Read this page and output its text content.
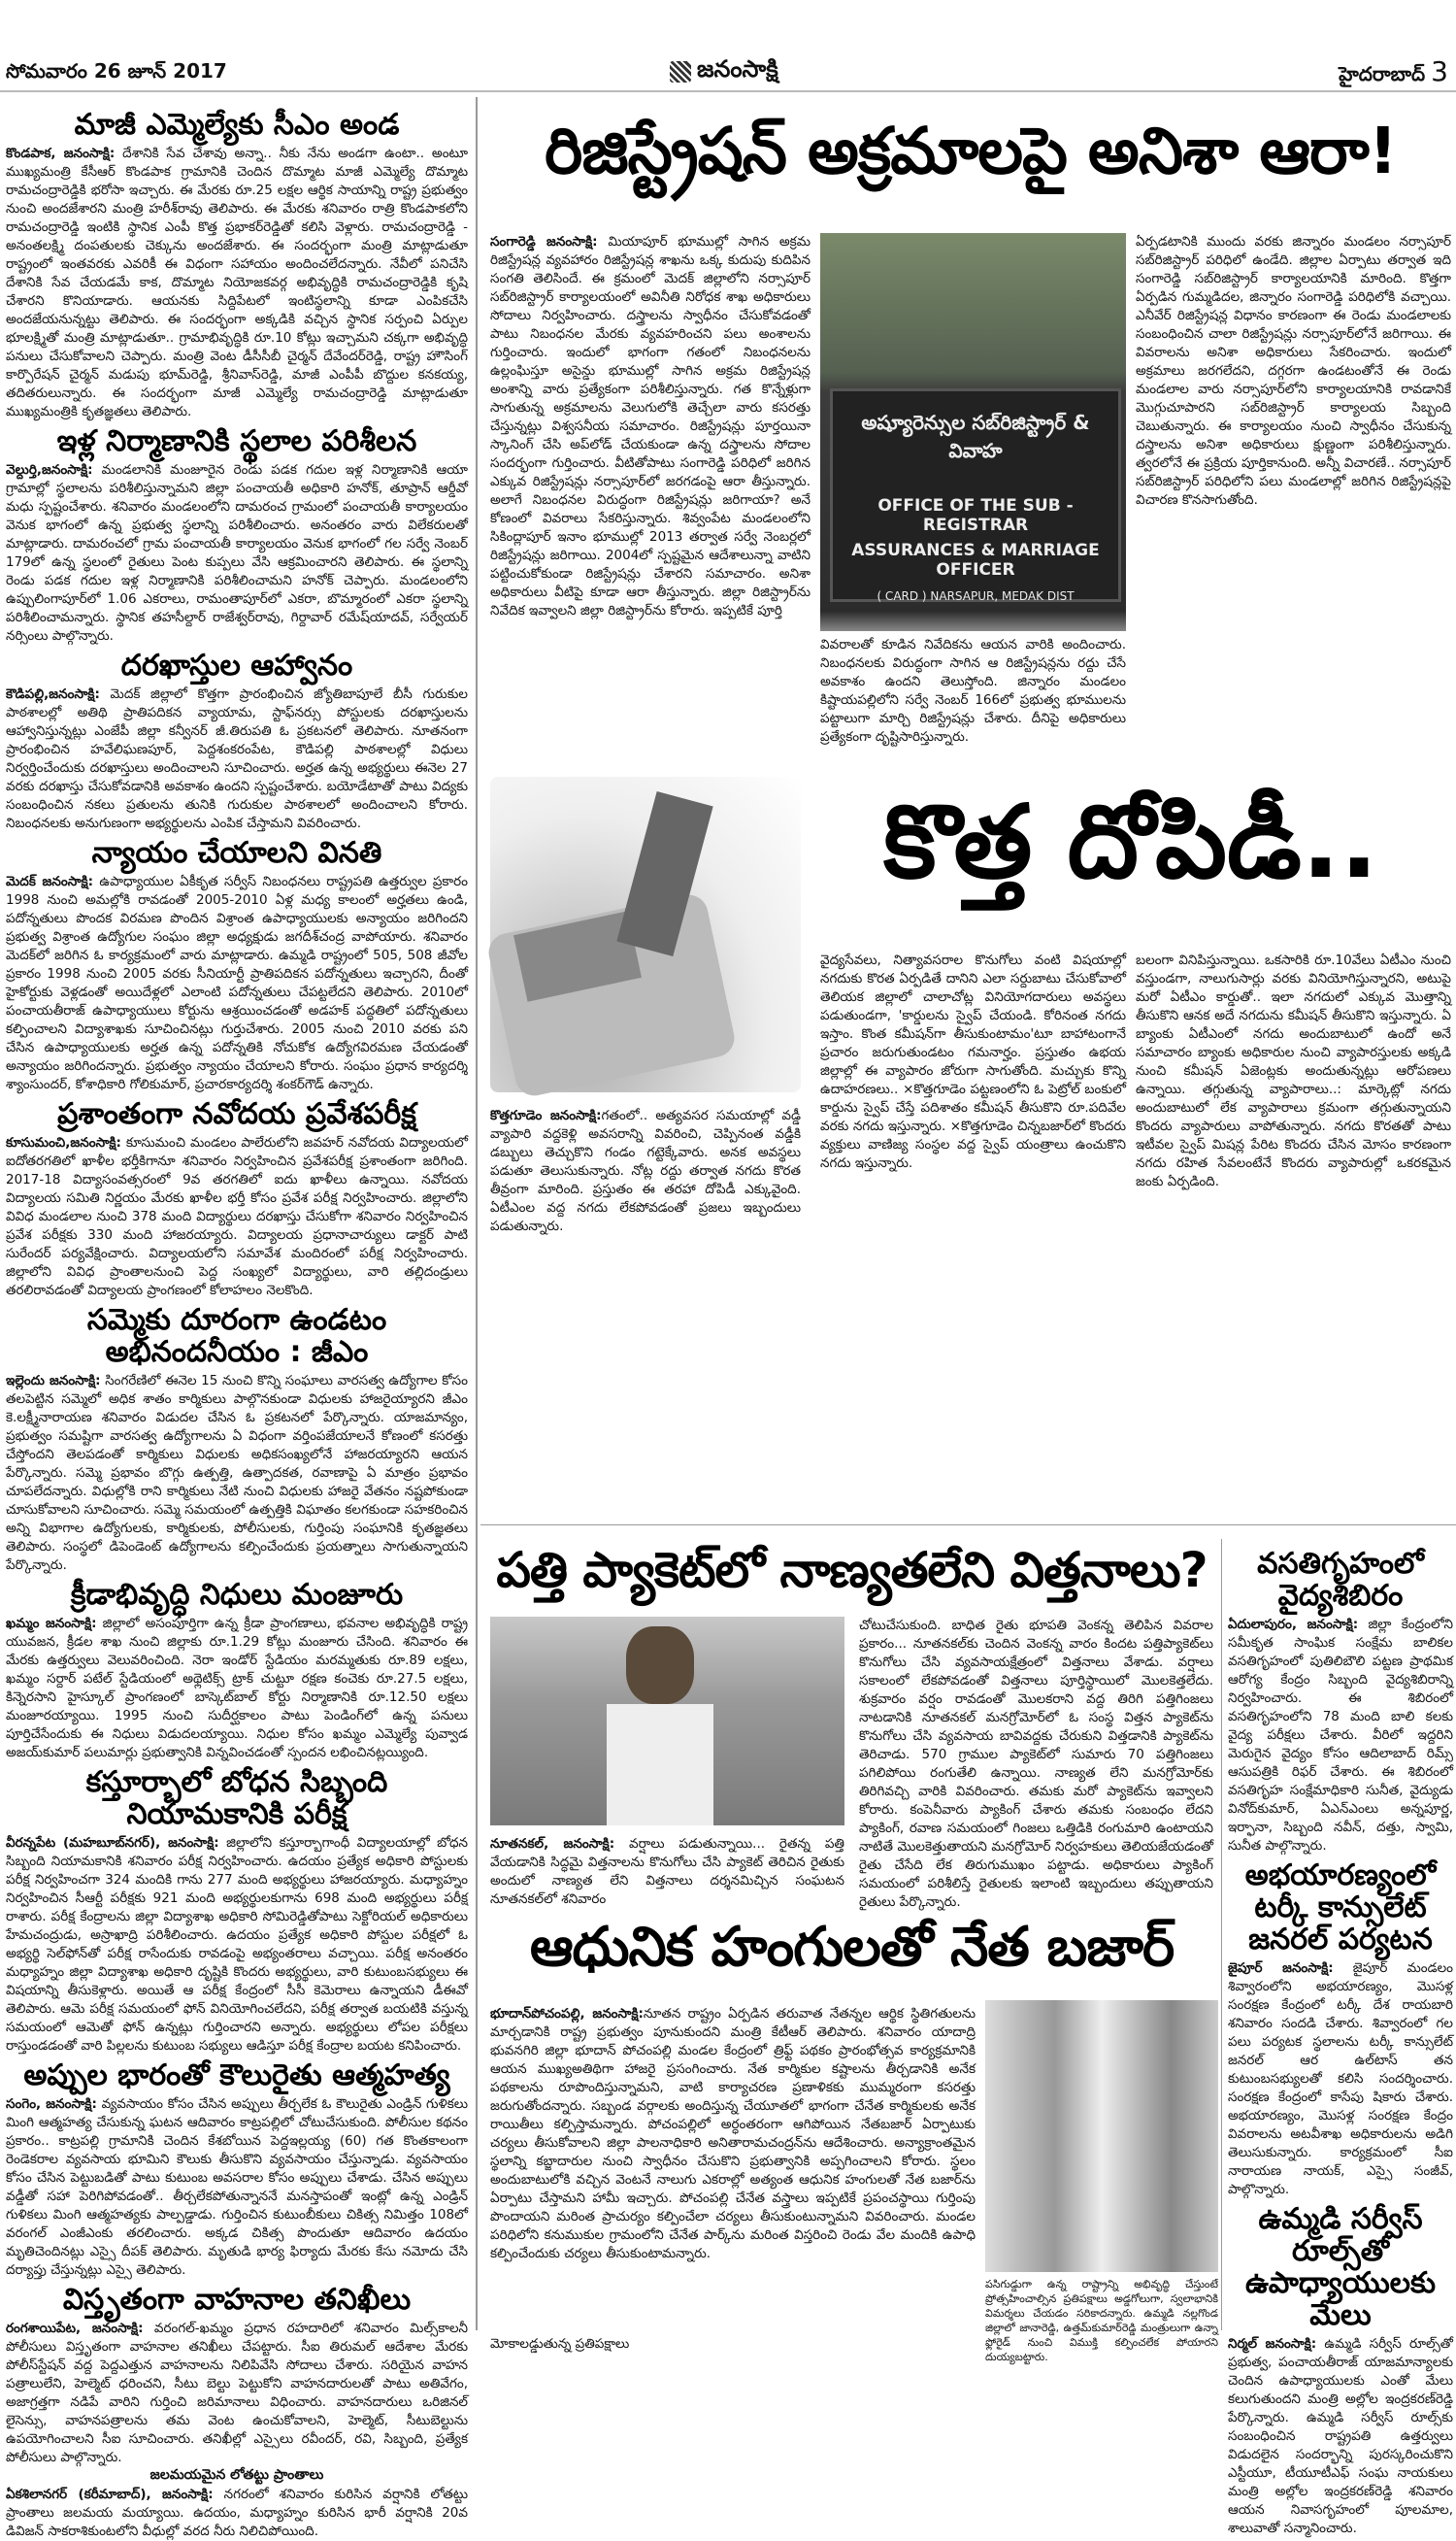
సోమవారం 26 జూన్ 2017	జనంసాక్షి	హైదరాబాద్ 3
మాజీ ఎమ్మెల్యేకు సీఎం అండ
కొండపాక, జనంసాక్షి: దేశానికి సేవ చేశావు అన్నా.. నీకు నేను అండగా ఉంటా.. అంటూ ముఖ్యమంత్రి కేసీఆర్ కొండపాక గ్రామానికి చెందిన దొమ్మాట మాజీ ఎమ్మెల్యే దొమ్మాట రామచంద్రారెడ్డికి భరోసా ఇచ్చారు. ఈ మేరకు రూ.25 లక్షల ఆర్థిక సాయాన్ని రాష్ట్ర ప్రభుత్వం నుంచి అందజేశారని మంత్రి హరీశ్‌రావు తెలిపారు. ఈ మేరకు శనివారం రాత్రి కొండపాకలోని రామచంద్రారెడ్డి ఇంటికి స్థానిక ఎంపీ కొత్త ప్రభాకర్‌రెడ్డితో కలిసి వెళ్లారు. రామచంద్రారెడ్డి - అనంతలక్ష్మి దంపతులకు చెక్కును అందజేశారు. ఈ సందర్భంగా మంత్రి మాట్లాడుతూ రాష్ట్రంలో ఇంతవరకు ఎవరికీ ఈ విధంగా సహాయం అందించలేదన్నారు. నేవీలో పనిచేసి దేశానికి సేవ చేయడమే కాక, దొమ్మాట నియోజకవర్గ అభివృద్ధికి రామచంద్రారెడ్డికి కృషి చేశారని కొనియాడారు. ఆయనకు సిద్దిపేటలో ఇంటిస్థలాన్ని కూడా ఎంపికచేసి అందజేయనున్నట్టు తెలిపారు. ఈ సందర్భంగా అక్కడికి వచ్చిన స్థానిక సర్పంచి ఏర్పుల భూలక్ష్మితో మంత్రి మాట్లాడుతూ.. గ్రామాభివృద్ధికి రూ.10 కోట్లు ఇచ్చామని చక్కగా అభివృద్ధి పనులు చేసుకోవాలని చెప్పారు. మంత్రి వెంట డీసీసీబీ చైర్మన్ దేవేందర్‌రెడ్డి, రాష్ట్ర హౌసింగ్ కార్పొరేషన్ చైర్మన్ మడుపు భూమ్‌రెడ్డి, శ్రీనివాస్‌రెడ్డి, మాజీ ఎంపీపీ బొద్దుల కనకయ్య, తదితరులున్నారు. ఈ సందర్భంగా మాజీ ఎమ్మెల్యే రామచంద్రారెడ్డి మాట్లాడుతూ ముఖ్యమంత్రికి కృతజ్ఞతలు తెలిపారు.
ఇళ్ల నిర్మాణానికి స్థలాల పరిశీలన
వెల్దుర్తి,జనంసాక్షి: మండలానికి మంజూరైన రెండు పడక గదుల ఇళ్ల నిర్మాణానికి ఆయా గ్రామాల్లో స్థలాలను పరిశీలిస్తున్నామని జిల్లా పంచాయతీ అధికారి హనోక్, తూప్రాన్ ఆర్డీవో మధు స్పష్టంచేశారు. శనివారం మండలంలోని దామరంచ గ్రామంలో పంచాయతీ కార్యాలయం వెనుక భాగంలో ఉన్న ప్రభుత్వ స్థలాన్ని పరిశీలించారు. అనంతరం వారు విలేకరులతో మాట్లాడారు. దామరంచలో గ్రామ పంచాయతీ కార్యాలయం వెనుక భాగంలో గల సర్వే నెంబర్ 179లో ఉన్న స్థలంలో రైతులు పెంట కుప్పలు వేసి ఆక్రమించారని తెలిపారు. ఈ స్థలాన్ని రెండు పడక గదుల ఇళ్ల నిర్మాణానికి పరిశీలించామని హనోక్ చెప్పారు. మండలంలోని ఉప్పులింగాపూర్‌లో 1.06 ఎకరాలు, రామంతాపూర్‌లో ఎకరా, బొమ్మారంలో ఎకరా స్థలాన్ని పరిశీలించామన్నారు. స్థానిక తహసీల్దార్ రాజేశ్వర్‌రావు, గిర్దావార్ రమేష్‌యాదవ్, సర్వేయర్ నర్సింలు పాల్గొన్నారు.
దరఖాస్తుల ఆహ్వానం
కౌడిపల్లి,జనంసాక్షి: మెదక్ జిల్లాలో కొత్తగా ప్రారంభించిన జ్యోతిబాపూలే బీసీ గురుకుల పాఠశాలల్లో అతిథి ప్రాతిపదికన వ్యాయామ, స్టాఫ్‌నర్సు పోస్టులకు దరఖాస్తులను ఆహ్వానిస్తున్నట్లు ఎంజేపీ జిల్లా కన్వీనర్ జీ.తిరుపతి ఓ ప్రకటనలో తెలిపారు. నూతనంగా ప్రారంభించిన హవేలిఘణపూర్, పెద్దశంకరంపేట, కౌడిపల్లి పాఠశాలల్లో విధులు నిర్వర్తించేందుకు దరఖాస్తులు అందించాలని సూచించారు. అర్హత ఉన్న అభ్యర్థులు ఈనెల 27 వరకు దరఖాస్తు చేసుకోవడానికి అవకాశం ఉందని స్పష్టంచేశారు. బయోడేటాతో పాటు విద్యకు సంబంధించిన నకలు ప్రతులను తునికి గురుకుల పాఠశాలలో అందించాలని కోరారు. నిబంధనలకు అనుగుణంగా అభ్యర్థులను ఎంపిక చేస్తామని వివరించారు.
న్యాయం చేయాలని వినతి
మెదక్ జనంసాక్షి: ఉపాధ్యాయుల ఏకీకృత సర్వీస్ నిబంధనలు రాష్ట్రపతి ఉత్తర్వుల ప్రకారం 1998 నుంచి అమల్లోకి రావడంతో 2005-2010 ఏళ్ల మధ్య కాలంలో అర్హతలు ఉండి, పదోన్నతులు పొందక విరమణ పొందిన విశ్రాంత ఉపాధ్యాయులకు అన్యాయం జరిగిందని ప్రభుత్వ విశ్రాంత ఉద్యోగుల సంఘం జిల్లా అధ్యక్షుడు జగదీశ్‌చంద్ర వాపోయారు. శనివారం మెదక్‌లో జరిగిన ఓ కార్యక్రమంలో వారు మాట్లాడారు. ఉమ్మడి రాష్ట్రంలో 505, 508 జీవోల ప్రకారం 1998 నుంచి 2005 వరకు సీనియార్టీ ప్రాతిపదికన పదోన్నతులు ఇచ్చారని, దీంతో హైకోర్టుకు వెళ్లడంతో అయిదేళ్లలో ఎలాంటి పదోన్నతులు చేపట్టలేదని తెలిపారు. 2010లో పంచాయతీరాజ్ ఉపాధ్యాయులు కోర్టును ఆశ్రయించడంతో అడహక్ పద్ధతిలో పదోన్నతులు కల్పించాలని విద్యాశాఖకు సూచించినట్లు గుర్తుచేశారు. 2005 నుంచి 2010 వరకు పని చేసిన ఉపాధ్యాయులకు అర్హత ఉన్న పదోన్నతికి నోచుకోక ఉద్యోగవిరమణ చేయడంతో అన్యాయం జరిగిందన్నారు. ప్రభుత్వం న్యాయం చేయాలని కోరారు. సంఘం ప్రధాన కార్యదర్శి శ్యాంసుందర్, కోశాధికారి గోలికుమార్, ప్రచారకార్యదర్శి శంకర్‌గౌడ్ ఉన్నారు.
ప్రశాంతంగా నవోదయ ప్రవేశపరీక్ష
కూసుమంచి,జనంసాక్షి: కూసుమంచి మండలం పాలేరులోని జవహర్ నవోదయ విద్యాలయలో ఐదోతరగతిలో ఖాళీల భర్తీకిగానూ శనివారం నిర్వహించిన ప్రవేశపరీక్ష ప్రశాంతంగా జరిగింది. 2017-18 విద్యాసంవత్సరంలో 9వ తరగతిలో ఐదు ఖాళీలు ఉన్నాయి. నవోదయ విద్యాలయ సమితి నిర్ణయం మేరకు ఖాళీల భర్తీ కోసం ప్రవేశ పరీక్ష నిర్వహించారు. జిల్లాలోని వివిధ మండలాల నుంచి 378 మంది విద్యార్థులు దరఖాస్తు చేసుకోగా శనివారం నిర్వహించిన ప్రవేశ పరీక్షకు 330 మంది హాజరయ్యారు. విద్యాలయ ప్రధానాచార్యులు డాక్టర్ పాటి సురేందర్ పర్యవేక్షించారు. విద్యాలయలోని సమావేశ మందిరంలో పరీక్ష నిర్వహించారు. జిల్లాలోని వివిధ ప్రాంతాలనుంచి పెద్ద సంఖ్యలో విద్యార్థులు, వారి తల్లిదండ్రులు తరలిరావడంతో విద్యాలయ ప్రాంగణంలో కోలాహలం నెలకొంది.
సమ్మెకు దూరంగా ఉండటం అభినందనీయం : జీఎం
ఇల్లెందు జనంసాక్షి: సింగరేణిలో ఈనెల 15 నుంచి కొన్ని సంఘాలు వారసత్వ ఉద్యోగాల కోసం తలపెట్టిన సమ్మెలో అధిక శాతం కార్మికులు పాల్గొనకుండా విధులకు హాజరైయ్యారని జీఎం కె.లక్ష్మీనారాయణ శనివారం విడుదల చేసిన ఓ ప్రకటనలో పేర్కొన్నారు. యాజమాన్యం, ప్రభుత్వం సమష్టిగా వారసత్వ ఉద్యోగాలను ఏ విధంగా వర్తింపజేయాలనే కోణంలో కసరత్తు చేస్తోందని తెలపడంతో కార్మికులు విధులకు అధికసంఖ్యలోనే హాజరయ్యారని ఆయన పేర్కొన్నారు. సమ్మె ప్రభావం బొగ్గు ఉత్పత్తి, ఉత్పాదకత, రవాణాపై ఏ మాత్రం ప్రభావం చూపలేదన్నారు. విధుల్లోకి రాని కార్మికులు నేటి నుంచి విధులకు హాజరై వేతనం నష్టపోకుండా చూసుకోవాలని సూచించారు. సమ్మె సమయంలో ఉత్పత్తికి విఘాతం కలగకుండా సహకరించిన అన్ని విభాగాల ఉద్యోగులకు, కార్మికులకు, పోలీసులకు, గుర్తింపు సంఘానికి కృతజ్ఞతలు తెలిపారు. సంస్థలో డిపెండెంట్ ఉద్యోగాలను కల్పించేందుకు ప్రయత్నాలు సాగుతున్నాయని పేర్కొన్నారు.
క్రీడాభివృద్ధి నిధులు మంజూరు
ఖమ్మం జనంసాక్షి: జిల్లాలో అసంపూర్తిగా ఉన్న క్రీడా ప్రాంగణాలు, భవనాల అభివృద్ధికి రాష్ట్ర యువజన, క్రీడల శాఖ నుంచి జిల్లాకు రూ.1.29 కోట్లు మంజూరు చేసింది. శనివారం ఈ మేరకు ఉత్తర్వులు వెలువరించింది. నెరా ఇండోర్ స్టేడియం మరమ్మతుకు రూ.89 లక్షలు, ఖమ్మం సర్దార్ పటేల్ స్టేడియంలో అథ్లెటిక్స్ ట్రాక్ చుట్టూ రక్షణ కంచెకు రూ.27.5 లక్షలు, కిన్నెరసాని హైస్కూల్ ప్రాంగణంలో బాస్కెట్‌బాల్ కోర్టు నిర్మాణానికి రూ.12.50 లక్షలు మంజూరయ్యాయి. 1995 నుంచి సుదీర్ఘకాలం పాటు పెండింగ్‌లో ఉన్న పనులు పూర్తిచేసేందుకు ఈ నిధులు విడుదలయ్యాయి. నిధుల కోసం ఖమ్మం ఎమ్మెల్యే పువ్వాడ అజయ్‌కుమార్ పలుమార్లు ప్రభుత్వానికి విన్నవించడంతో స్పందన లభించినట్లయ్యింది.
కస్తూర్బాలో బోధన సిబ్బంది నియామకానికి పరీక్ష
వీరన్నపేట (మహబూబ్‌నగర్), జనంసాక్షి: జిల్లాలోని కస్తూర్బాగాంధీ విద్యాలయాల్లో బోధన సిబ్బంది నియామకానికి శనివారం పరీక్ష నిర్వహించారు. ఉదయం ప్రత్యేక అధికారి పోస్టులకు పరీక్ష నిర్వహించగా 324 మందికి గాను 277 మంది అభ్యర్థులు హాజరయ్యారు. మధ్యాహ్నం నిర్వహించిన సీఆర్టీ పరీక్షకు 921 మంది అభ్యర్థులకుగాను 698 మంది అభ్యర్థులు పరీక్ష రాశారు. పరీక్ష కేంద్రాలను జిల్లా విద్యాశాఖ అధికారి సోమిరెడ్డితోపాటు సెక్టోరియల్ అధికారులు హేమచంద్రుడు, అస్రాఖాద్రి పరిశీలించారు. ఉదయం ప్రత్యేక అధికారి పోస్టుల పరీక్షలో ఓ అభ్యర్థి సెల్‌ఫోన్‌తో పరీక్ష రాసేందుకు రావడంపై అభ్యంతరాలు వచ్చాయి. పరీక్ష అనంతరం మధ్యాహ్నం జిల్లా విద్యాశాఖ అధికారి దృష్టికి కొందరు అభ్యర్థులు, వారి కుటుంబసభ్యులు ఈ విషయాన్ని తీసుకెళ్లారు. అయితే ఆ పరీక్ష కేంద్రంలో సీసీ కెమెరాలు ఉన్నాయని డీఈవో తెలిపారు. ఆమె పరీక్ష సమయంలో ఫోన్ వినియోగించలేదని, పరీక్ష తర్వాత బయటికి వస్తున్న సమయంలో ఆమెతో ఫోన్ ఉన్నట్లు గుర్తించారని అన్నారు. అభ్యర్థులు లోపల పరీక్షలు రాస్తుండడంతో వారి పిల్లలను కుటుంబ సభ్యులు ఆడిస్తూ పరీక్ష కేంద్రాల బయట కనిపించారు.
అప్పుల భారంతో కౌలురైతు ఆత్మహత్య
సంగెం, జనంసాక్షి: వ్యవసాయం కోసం చేసిన అప్పులు తీర్చలేక ఓ కౌలురైతు ఎండ్రిన్ గుళికలు మింగి ఆత్మహత్య చేసుకున్న ఘటన ఆదివారం కాట్రపల్లిలో చోటుచేసుకుంది. పోలీసుల కథనం ప్రకారం.. కాట్రపల్లి గ్రామానికి చెందిన కేశబోయిన పెద్దఇల్లయ్య (60) గత కొంతకాలంగా రెండెకరాల వ్యవసాయ భూమిని కౌలుకు తీసుకొని వ్యవసాయం చేస్తున్నాడు. వ్యవసాయం కోసం చేసిన పెట్టుబడితో పాటు కుటుంబ అవసరాల కోసం అప్పులు చేశాడు. చేసిన అప్పులు వడ్డీతో సహా పెరిగిపోవడంతో.. తీర్చలేకపోతున్నాననే మనస్తాపంతో ఇంట్లో ఉన్న ఎండ్రిన్ గుళికలు మింగి ఆత్మహత్యకు పాల్పడ్డాడు. గుర్తించిన కుటుంబీకులు చికిత్స నిమిత్తం 108లో వరంగల్ ఎంజీఎంకు తరలించారు. అక్కడ చికిత్స పొందుతూ ఆదివారం ఉదయం మృతిచెందినట్లు ఎస్సై దీపక్ తెలిపారు. మృతుడి భార్య ఫిర్యాదు మేరకు కేసు నమోదు చేసి దర్యాప్తు చేస్తున్నట్లు ఎస్సై తెలిపారు.
విస్తృతంగా వాహనాల తనిఖీలు
రంగశాయిపేట, జనంసాక్షి: వరంగల్-ఖమ్మం ప్రధాన రహదారిలో శనివారం మిల్స్‌కాలనీ పోలీసులు విస్తృతంగా వాహనాల తనిఖీలు చేపట్టారు. సీఐ తిరుమల్ ఆదేశాల మేరకు పోలీస్‌స్టేషన్ వద్ద పెద్దఎత్తున వాహనాలను నిలిపివేసి సోదాలు చేశారు. సరియైన వాహన పత్రాలులేని, హెల్మెట్ ధరించని, సీటు బెల్టు పెట్టుకోని వాహనదారులతో పాటు అతివేగం, అజాగ్రత్తగా నడిపే వారిని గుర్తించి జరిమానాలు విధించారు. వాహనదారులు ఒరిజినల్ లైసెన్సు, వాహనపత్రాలను తమ వెంట ఉంచుకోవాలని, హెల్మెట్, సీటుబెల్టును ఉపయోగించాలని సీఐ సూచించారు. తనిఖీల్లో ఎస్సైలు రవీందర్, రవి, సిబ్బంది, ప్రత్యేక పోలీసులు పాల్గొన్నారు.
జలమయమైన లోతట్టు ప్రాంతాలు
ఏకశిలానగర్ (కరీమాబాద్), జనంసాక్షి: నగరంలో శనివారం కురిసిన వర్షానికి లోతట్టు ప్రాంతాలు జలమయ మయ్యాయి. ఉదయం, మధ్యాహ్నం కురిసిన భారీ వర్షానికి 20వ డివిజన్ సాకరాశికుంటలోని వీధుల్లో వరద నీరు నిలిచిపోయింది.
రిజిస్ట్రేషన్ అక్రమాలపై అనిశా ఆరా!
సంగారెడ్డి జనంసాక్షి: మియాపూర్ భూముల్లో సాగిన అక్రమ రిజిస్ట్రేషన్ల వ్యవహారం రిజిస్ట్రేషన్ల శాఖను ఒక్క కుదుపు కుదిపిన సంగతి తెలిసిందే. ఈ క్రమంలో మెదక్ జిల్లాలోని నర్సాపూర్ సబ్‌రిజిస్ట్రార్ కార్యాలయంలో అవినీతి నిరోధక శాఖ అధికారులు సోదాలు నిర్వహించారు. దస్త్రాలను స్వాధీనం చేసుకోవడంతో పాటు నిబంధనల మేరకు వ్యవహరించని పలు అంశాలను గుర్తించారు. ఇందులో భాగంగా గతంలో నిబంధనలను ఉల్లంఘిస్తూ అసైన్డు భూముల్లో సాగిన అక్రమ రిజిస్ట్రేషన్ల అంశాన్ని వారు ప్రత్యేకంగా పరిశీలిస్తున్నారు. గత కొన్నేళ్లుగా సాగుతున్న అక్రమాలను వెలుగులోకి తెచ్చేలా వారు కసరత్తు చేస్తున్నట్లు విశ్వసనీయ సమాచారం. రిజిస్ట్రేషన్లు పూర్తయినా స్కానింగ్ చేసి అప్‌లోడ్ చేయకుండా ఉన్న దస్త్రాలను సోదాల సందర్భంగా గుర్తించారు. వీటితోపాటు సంగారెడ్డి పరిధిలో జరిగిన ఎక్కువ రిజిస్ట్రేషన్లు నర్సాపూర్‌లో జరగడంపై ఆరా తీస్తున్నారు. అలాగే నిబంధనల విరుద్ధంగా రిజిస్ట్రేషన్లు జరిగాయా? అనే కోణంలో వివరాలు సేకరిస్తున్నారు. శివ్వంపేట మండలంలోని సికింద్లాపూర్ ఇనాం భూముల్లో 2013 తర్వాత సర్వే నెంబర్లలో రిజిస్ట్రేషన్లు జరిగాయి. 2004లో స్పష్టమైన ఆదేశాలున్నా వాటిని పట్టించుకోకుండా రిజిస్ట్రేషన్లు చేశారని సమాచారం. అనిశా అధికారులు వీటిపై కూడా ఆరా తీస్తున్నారు. జిల్లా రిజిస్ట్రార్‌ను నివేదిక ఇవ్వాలని జిల్లా రిజిస్ట్రార్‌ను కోరారు. ఇప్పటికే పూర్తి
అష్యూరెన్సుల సబ్‌రిజిస్ట్రార్ & వివాహ
OFFICE OF THE SUB - REGISTRAR
ASSURANCES & MARRIAGE OFFICER
( CARD ) NARSAPUR, MEDAK DIST
వివరాలతో కూడిన నివేదికను ఆయన వారికి అందించారు. నిబంధనలకు విరుద్ధంగా సాగిన ఆ రిజిస్ట్రేషన్లను రద్దు చేసే అవకాశం ఉందని తెలుస్తోంది. జిన్నారం మండలం కిష్టాయపల్లిలోని సర్వే నెంబర్ 166లో ప్రభుత్వ భూములను పట్టాలుగా మార్చి రిజిస్ట్రేషన్లు చేశారు. దీనిపై అధికారులు ప్రత్యేకంగా దృష్టిసారిస్తున్నారు.
ఏర్పడటానికి ముందు వరకు జిన్నారం మండలం నర్సాపూర్ సబ్‌రిజిస్ట్రార్ పరిధిలో ఉండేది. జిల్లాల ఏర్పాటు తర్వాత ఇది సంగారెడ్డి సబ్‌రిజిస్ట్రార్ కార్యాలయానికి మారింది. కొత్తగా ఏర్పడిన గుమ్మడిదల, జిన్నారం సంగారెడ్డి పరిధిలోకి వచ్చాయి. ఎనీవేర్ రిజిస్ట్రేషన్ల విధానం కారణంగా ఈ రెండు మండలాలకు సంబంధించిన చాలా రిజిస్ట్రేషన్లు నర్సాపూర్‌లోనే జరిగాయి. ఈ వివరాలను అనిశా అధికారులు సేకరించారు. ఇందులో అక్రమాలు జరగలేదని, దగ్గరగా ఉండటంతోనే ఈ రెండు మండలాల వారు నర్సాపూర్‌లోని కార్యాలయానికి రావడానికే మొగ్గుచూపారని సబ్‌రిజిస్ట్రార్ కార్యాలయ సిబ్బంది చెబుతున్నారు. ఈ కార్యాలయం నుంచి స్వాధీనం చేసుకున్న దస్త్రాలను అనిశా అధికారులు క్షుణ్ణంగా పరిశీలిస్తున్నారు. త్వరలోనే ఈ ప్రక్రియ పూర్తికానుంది. అన్నీ విచారణే.. నర్సాపూర్ సబ్‌రిజిస్ట్రార్ పరిధిలోని పలు మండలాల్లో జరిగిన రిజిస్ట్రేషన్లపై విచారణ కొనసాగుతోంది.
కొత్త దోపిడీ..
కొత్తగూడెం జనంసాక్షి:గతంలో.. అత్యవసర సమయాల్లో వడ్డీ వ్యాపారి వద్దకెళ్లి అవసరాన్ని వివరించి, చెప్పినంత వడ్డీకి డబ్బులు తెచ్చుకొని గండం గట్టెక్కేవారు. అనక అవస్థలు పడుతూ తెలుసుకున్నారు. నోట్ల రద్దు తర్వాత నగదు కొరత తీవ్రంగా మారింది. ప్రస్తుతం ఈ తరహా దోపిడీ ఎక్కువైంది. ఏటీఎంల వద్ద నగదు లేకపోవడంతో ప్రజలు ఇబ్బందులు పడుతున్నారు.
వైద్యసేవలు, నిత్యావసరాల కొనుగోలు వంటి విషయాల్లో నగదుకు కొరత ఏర్పడితే దానిని ఎలా సర్దుబాటు చేసుకోవాలో తెలియక జిల్లాలో చాలాచోట్ల వినియోగదారులు అవస్థలు పడుతుండగా, 'కార్డులను స్వైప్ చేయండి. కోరినంత నగదు ఇస్తాం. కొంత కమీషన్‌గా తీసుకుంటామం'టూ బాహాటంగానే ప్రచారం జరుగుతుండటం గమనార్హం. ప్రస్తుతం ఉభయ జిల్లాల్లో ఈ వ్యాపారం జోరుగా సాగుతోంది. మచ్చుకు కొన్ని ఉదాహరణలు.. ×కొత్తగూడెం పట్టణంలోని ఓ పెట్రోల్ బంకులో కార్డును స్వైప్ చేస్తే పదిశాతం కమీషన్ తీసుకొని రూ.పదివేల వరకు నగదు ఇస్తున్నారు. ×కొత్తగూడెం చిన్నబజార్‌లో కొందరు వ్యక్తులు వాణిజ్య సంస్థల వద్ద స్వైప్ యంత్రాలు ఉంచుకొని నగదు ఇస్తున్నారు.
బలంగా వినిపిస్తున్నాయి. ఒకసారికి రూ.10వేలు ఏటీఎం నుంచి వస్తుండగా, నాలుగుసార్లు వరకు వినియోగిస్తున్నారని, అటుపై మరో ఏటీఎం కార్డుతో.. ఇలా నగదులో ఎక్కువ మొత్తాన్ని తీసుకొని ఆనక అదే నగదును కమీషన్ తీసుకొని ఇస్తున్నారు. ఏ బ్యాంకు ఏటీఎంలో నగదు అందుబాటులో ఉందో అనే సమాచారం బ్యాంకు అధికారుల నుంచి వ్యాపారస్తులకు అక్కడి నుంచి కమీషన్ ఏజెంట్లకు అందుతున్నట్లు ఆరోపణలు ఉన్నాయి. తగ్గుతున్న వ్యాపారాలు..: మార్కెట్లో నగదు అందుబాటులో లేక వ్యాపారాలు క్రమంగా తగ్గుతున్నాయని కొందరు వ్యాపారులు వాపోతున్నారు. నగదు కొరతతో పాటు ఇటీవల స్వైప్ మిషన్ల పేరిట కొందరు చేసిన మోసం కారణంగా నగదు రహిత సేవలంటేనే కొందరు వ్యాపారుల్లో ఒకరకమైన జంకు ఏర్పడింది.
పత్తి ప్యాకెట్‌లో నాణ్యతలేని విత్తనాలు?
నూతనకల్, జనంసాక్షి: వర్షాలు పడుతున్నాయి... రైతన్న పత్తి వేయడానికి సిద్ధమై విత్తనాలను కొనుగోలు చేసి ప్యాకెట్ తెరిచిన రైతుకు అందులో నాణ్యత లేని విత్తనాలు దర్శనమిచ్చిన సంఘటన నూతనకల్‌లో శనివారం
చోటుచేసుకుంది. బాధిత రైతు భూపతి వెంకన్న తెలిపిన వివరాల ప్రకారం... నూతనకల్‌కు చెందిన వెంకన్న వారం కిందట పత్తిప్యాకెట్‌లు కొనుగోలు చేసి వ్యవసాయక్షేత్రంలో విత్తనాలు వేశాడు. వర్షాలు సకాలంలో లేకపోవడంతో విత్తనాలు పూర్తిస్థాయిలో మొలకెత్తలేదు. శుక్రవారం వర్షం రావడంతో మొలకరాని వద్ద తిరిగి పత్తిగింజలు నాటడానికి నూతనకల్ మనగ్రోమోర్‌లో ఓ సంస్థ విత్తన ప్యాకెట్‌ను కొనుగోలు చేసి వ్యవసాయ బావివద్దకు చేరుకుని విత్తడానికి ప్యాకెట్‌ను తెరిచాడు. 570 గ్రాముల ప్యాకెట్‌లో సుమారు 70 పత్తిగింజలు పగిలిపోయి రంగుతేలి ఉన్నాయి. నాణ్యత లేని మనగ్రోమోర్‌కు తిరిగివచ్చి వారికి వివరించారు. తమకు మరో ప్యాకెట్‌ను ఇవ్వాలని కోరారు. కంపెనీవారు ప్యాకింగ్ చేశారు తమకు సంబంధం లేదని ప్యాకింగ్, రవాణ సమయంలో గింజలు ఒత్తిడికి రంగుమారి ఉంటాయని నాటితే మొలకెత్తుతాయని మనగ్రోమోర్ నిర్వహకులు తెలియజేయడంతో రైతు చేసేది లేక తిరుగుముఖం పట్టాడు. అధికారులు ప్యాకింగ్ సమయంలో పరిశీలిస్తే రైతులకు ఇలాంటి ఇబ్బందులు తప్పుతాయని రైతులు పేర్కొన్నారు.
ఆధునిక హంగులతో నేత బజార్
భూదాన్‌పోచంపల్లి, జనంసాక్షి:నూతన రాష్ట్రం ఏర్పడిన తరువాత నేతన్నల ఆర్థిక స్థితిగతులను మార్చడానికి రాష్ట్ర ప్రభుత్వం పూనుకుందని మంత్రి కేటీఆర్ తెలిపారు. శనివారం యాదాద్రి భువనగిరి జిల్లా భూదాన్ పోచంపల్లి మండల కేంద్రంలో త్రిఫ్ట్ పథకం ప్రారంభోత్సవ కార్యక్రమానికి ఆయన ముఖ్యఅతిథిగా హాజరై ప్రసంగించారు. నేత కార్మికుల కష్టాలను తీర్చడానికి అనేక పథకాలను రూపొందిస్తున్నామని, వాటి కార్యాచరణ ప్రణాళికకు ముమ్మరంగా కసరత్తు జరుగుతోందన్నారు. సబ్బండ వర్గాలకు అందిస్తున్న చేయూతలో భాగంగా చేనేత కార్మికులకు అనేక రాయితీలు కల్పిస్తామన్నారు. పోచంపల్లిలో అర్ధంతరంగా ఆగిపోయిన నేతబజార్ ఏర్పాటుకు చర్యలు తీసుకోవాలని జిల్లా పాలనాధికారి అనితారామచంద్రన్‌ను ఆదేశించారు. అన్యాక్రాంతమైన స్థలాన్ని కబ్జాదారుల నుంచి స్వాధీనం చేసుకొని ప్రభుత్వానికి అప్పగించాలని కోరారు. స్థలం అందుబాటులోకి వచ్చిన వెంటనే నాలుగు ఎకరాల్లో అత్యంత ఆధునిక హంగులతో నేత బజార్‌ను ఏర్పాటు చేస్తామని హామీ ఇచ్చారు. పోచంపల్లి చేనేత వస్త్రాలు ఇప్పటికే ప్రపంచస్థాయి గుర్తింపు పొందాయని మరింత ప్రాచుర్యం కల్పించేలా చర్యలు తీసుకుంటున్నామని వివరించారు. మండల పరిధిలోని కనుముకుల గ్రామంలోని చేనేత పార్క్‌ను మరింత విస్తరించి రెండు వేల మందికి ఉపాధి కల్పించేందుకు చర్యలు తీసుకుంటామన్నారు.
మోకాలడ్డుతున్న ప్రతిపక్షాలు
పసిగుడ్డుగా ఉన్న రాష్ట్రాన్ని అభివృద్ధి చేస్తుంటే ప్రోత్సహించాల్సిన ప్రతిపక్షాలు అడ్డగోలుగా, స్వలాభానికి విమర్శలు చేయడం సరికాదన్నారు. ఉమ్మడి నల్లగొండ జిల్లాలో జానారెడ్డి, ఉత్తమ్‌కుమార్‌రెడ్డి మంత్రులుగా ఉన్నా ఫ్లోరైడ్ నుంచి విముక్తి కల్పించలేక పోయారని దుయ్యబట్టారు.
వసతిగృహంలో వైద్యశిబిరం
ఏదులాపురం, జనంసాక్షి: జిల్లా కేంద్రంలోని సమీకృత సాంఘిక సంక్షేమ బాలికల వసతిగృహంలో పుతిలిబౌలి పట్టణ ప్రాథమిక ఆరోగ్య కేంద్రం సిబ్బంది వైద్యశిబిరాన్ని నిర్వహించారు. ఈ శిబిరంలో వసతిగృహంలోని 78 మంది బాలి కలకు వైద్య పరీక్షలు చేశారు. వీరిలో ఇద్దరిని మెరుగైన వైద్యం కోసం ఆదిలాబాద్ రిమ్స్ ఆసుపత్రికి రిఫర్ చేశారు. ఈ శిబిరంలో వసతిగృహ సంక్షేమాధికారి సునీత, వైద్యుడు వినోద్‌కుమార్, ఏఎన్‌ఎంలు అన్నపూర్ణ, ఇర్ఫానా, సిబ్బంది నవీన్, దత్తు, స్వామి, సునీత పాల్గొన్నారు.
అభయారణ్యంలో టర్కీ కాన్సులేట్ జనరల్ పర్యటన
జైపూర్ జనంసాక్షి: జైపూర్ మండలం శివ్వారంలోని అభయారణ్యం, మొసళ్ల సంరక్షణ కేంద్రంలో టర్కీ దేశ రాయబారి శనివారం సందడి చేశారు. శివ్వారంలో గల పలు పర్యటక స్థలాలను టర్కీ కాన్సులేట్ జనరల్ ఆర ఉల్‌టాస్ తన కుటుంబసభ్యులతో కలిసి సందర్శించారు. సంరక్షణ కేంద్రంలో కాసేపు షికారు చేశారు. అభయారణ్యం, మొసళ్ల సంరక్షణ కేంద్రం వివరాలను అటవీశాఖ అధికారులను అడిగి తెలుసుకున్నారు. కార్యక్రమంలో సీఐ నారాయణ నాయక్, ఎస్సై సంజీవ్, పాల్గొన్నారు.
ఉమ్మడి సర్వీస్ రూల్స్‌తో ఉపాధ్యాయులకు మేలు
నిర్మల్ జనంసాక్షి: ఉమ్మడి సర్వీస్ రూల్స్‌తో ప్రభుత్వ, పంచాయతీరాజ్ యాజమాన్యాలకు చెందిన ఉపాధ్యాయులకు ఎంతో మేలు కలుగుతుందని మంత్రి అల్లోల ఇంద్రకరణ్‌రెడ్డి పేర్కొన్నారు. ఉమ్మడి సర్వీస్ రూల్స్‌కు సంబంధించిన రాష్ట్రపతి ఉత్తర్వులు విడుదలైన సందర్భాన్ని పురస్కరించుకొని ఎస్టీయూ, టీయూటీఎఫ్ సంఘ నాయకులు మంత్రి అల్లోల ఇంద్రకరణ్‌రెడ్డి శనివారం ఆయన నివాసగృహంలో పూలమాల, శాలువాతో సన్మానించారు.
